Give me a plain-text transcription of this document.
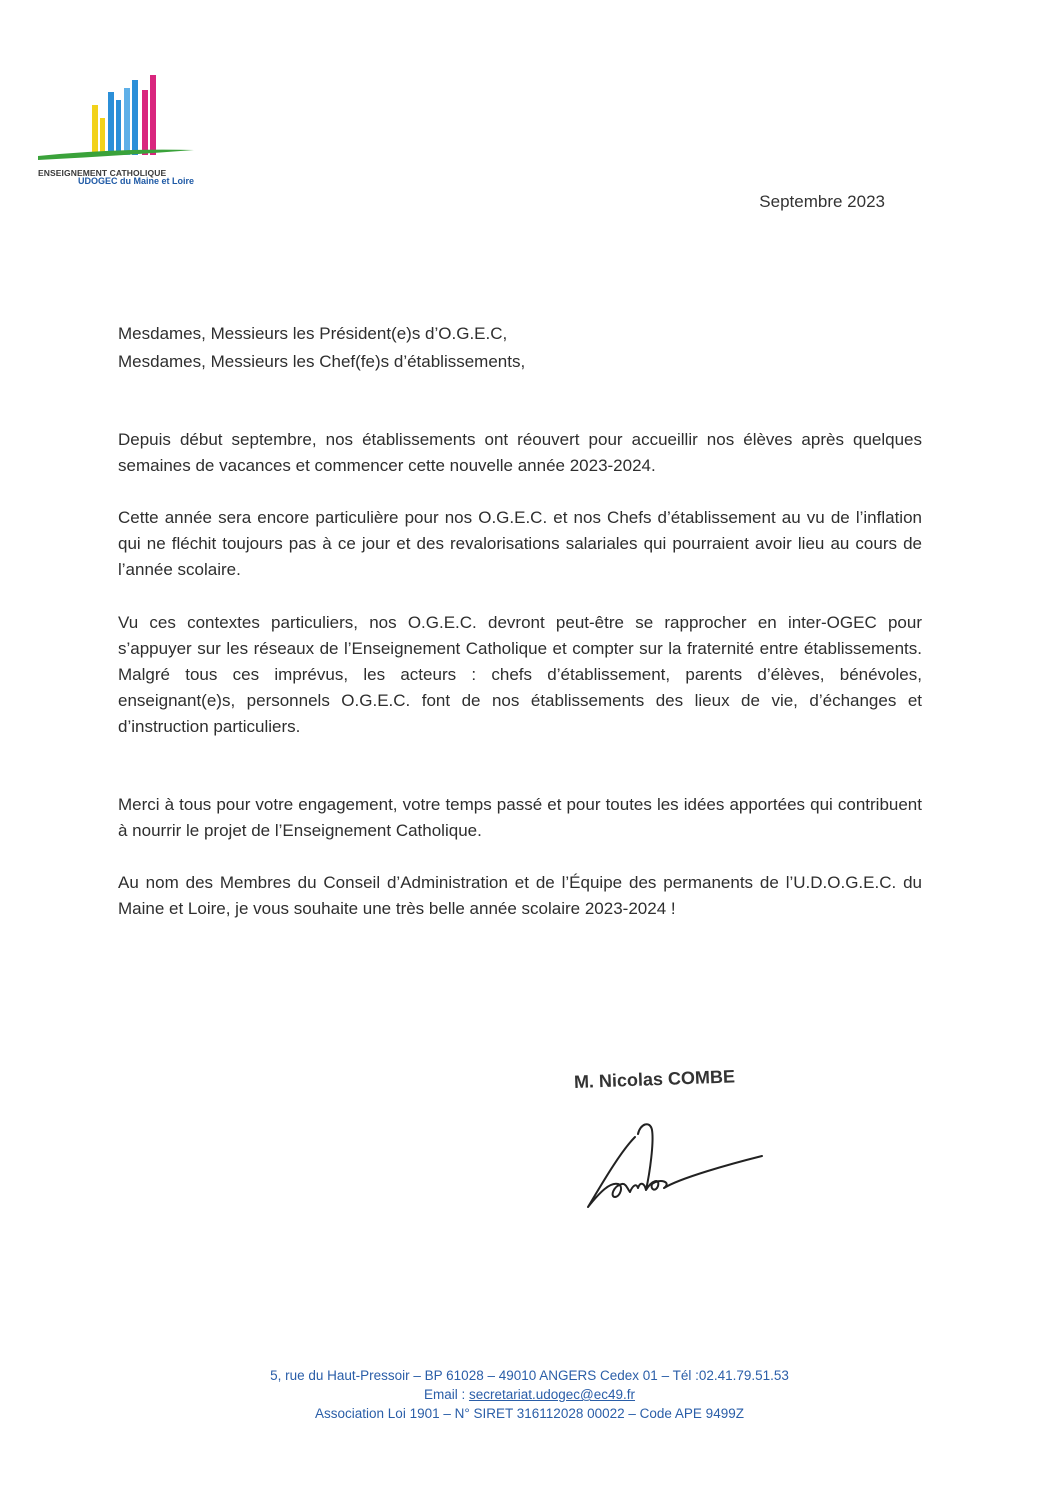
ENSEIGNEMENT CATHOLIQUE
UDOGEC du Maine et Loire
Septembre 2023
Mesdames, Messieurs les Président(e)s d’O.G.E.C,
Mesdames, Messieurs les Chef(fe)s d’établissements,
Depuis début septembre, nos établissements ont réouvert pour accueillir nos élèves après quelques semaines de vacances et commencer cette nouvelle année 2023-2024.
Cette année sera encore particulière pour nos O.G.E.C. et nos Chefs d’établissement au vu de l’inflation qui ne fléchit toujours pas à ce jour et des revalorisations salariales qui pourraient avoir lieu au cours de l’année scolaire.
Vu ces contextes particuliers, nos O.G.E.C. devront peut-être se rapprocher en inter-OGEC pour s’appuyer sur les réseaux de l’Enseignement Catholique et compter sur la fraternité entre établissements. Malgré tous ces imprévus, les acteurs : chefs d’établissement, parents d’élèves, bénévoles, enseignant(e)s, personnels O.G.E.C. font de nos établissements des lieux de vie, d’échanges et d’instruction particuliers.
Merci à tous pour votre engagement, votre temps passé et pour toutes les idées apportées qui contribuent à nourrir le projet de l’Enseignement Catholique.
Au nom des Membres du Conseil d’Administration et de l’Équipe des permanents de l’U.D.O.G.E.C. du Maine et Loire, je vous souhaite une très belle année scolaire 2023-2024 !
M. Nicolas COMBE
5, rue du Haut-Pressoir – BP 61028 – 49010 ANGERS Cedex 01 – Tél :02.41.79.51.53
Email : secretariat.udogec@ec49.fr
Association Loi 1901 – N° SIRET 316112028 00022 – Code APE 9499Z
